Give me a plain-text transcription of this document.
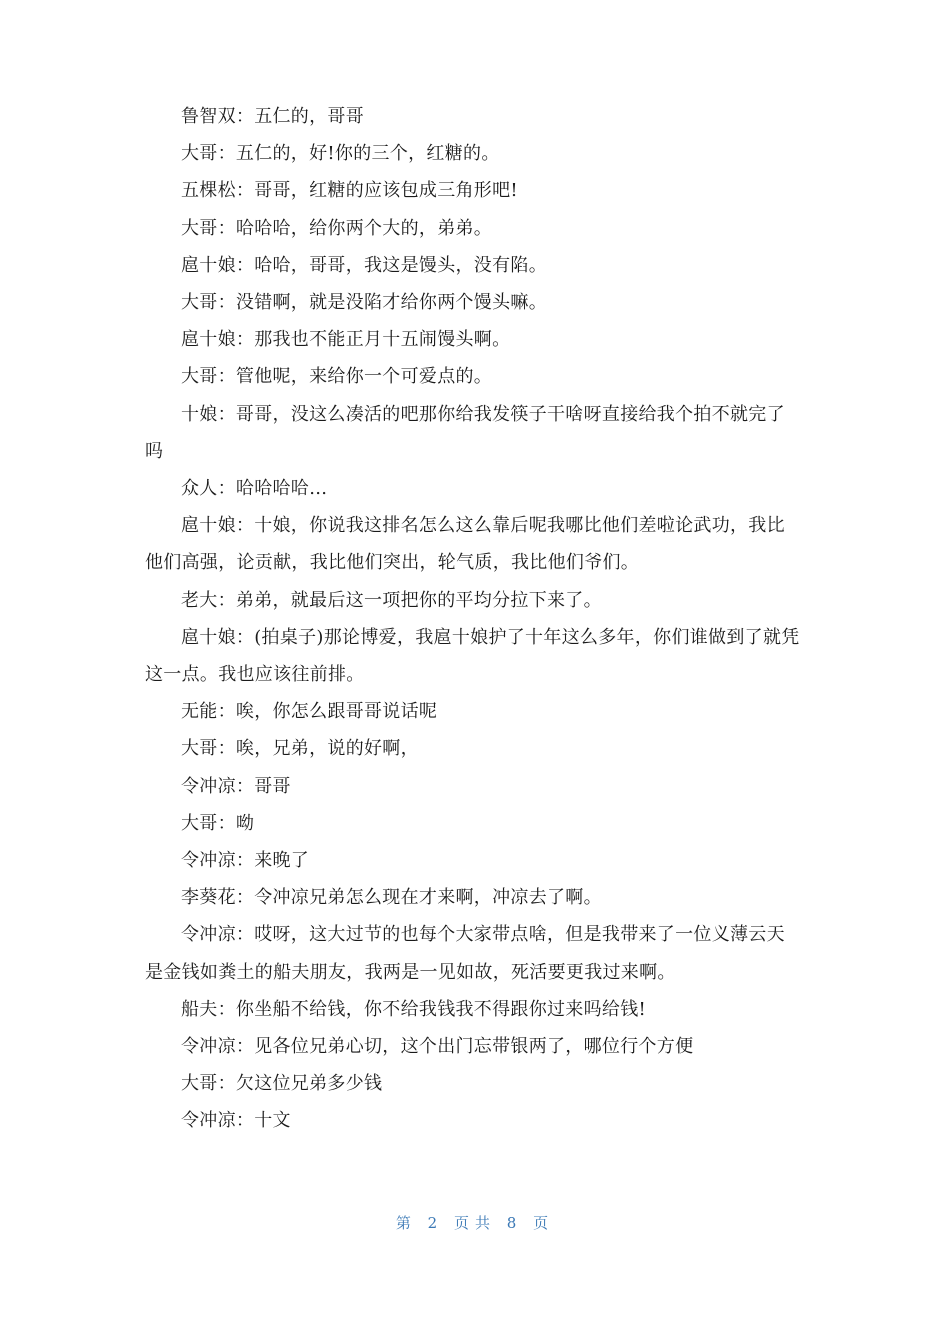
鲁智双：五仁的，哥哥

大哥：五仁的，好!你的三个，红糖的。

五棵松：哥哥，红糖的应该包成三角形吧!

大哥：哈哈哈，给你两个大的，弟弟。

扈十娘：哈哈，哥哥，我这是馒头，没有陷。

大哥：没错啊，就是没陷才给你两个馒头嘛。

扈十娘：那我也不能正月十五闹馒头啊。

大哥：管他呢，来给你一个可爱点的。

十娘：哥哥，没这么凑活的吧那你给我发筷子干啥呀直接给我个拍不就完了吗

众人：哈哈哈哈…

扈十娘：十娘，你说我这排名怎么这么靠后呢我哪比他们差啦论武功，我比他们高强，论贡献，我比他们突出，轮气质，我比他们爷们。

老大：弟弟，就最后这一项把你的平均分拉下来了。

扈十娘：(拍桌子)那论博爱，我扈十娘护了十年这么多年，你们谁做到了就凭这一点。我也应该往前排。

无能：唉，你怎么跟哥哥说话呢

大哥：唉，兄弟，说的好啊，

令冲凉：哥哥

大哥：呦

令冲凉：来晚了

李葵花：令冲凉兄弟怎么现在才来啊，冲凉去了啊。

令冲凉：哎呀，这大过节的也每个大家带点啥，但是我带来了一位义薄云天是金钱如粪土的船夫朋友，我两是一见如故，死活要更我过来啊。

船夫：你坐船不给钱，你不给我钱我不得跟你过来吗给钱!

令冲凉：见各位兄弟心切，这个出门忘带银两了，哪位行个方便

大哥：欠这位兄弟多少钱

令冲凉：十文

第 2 页共 8 页
